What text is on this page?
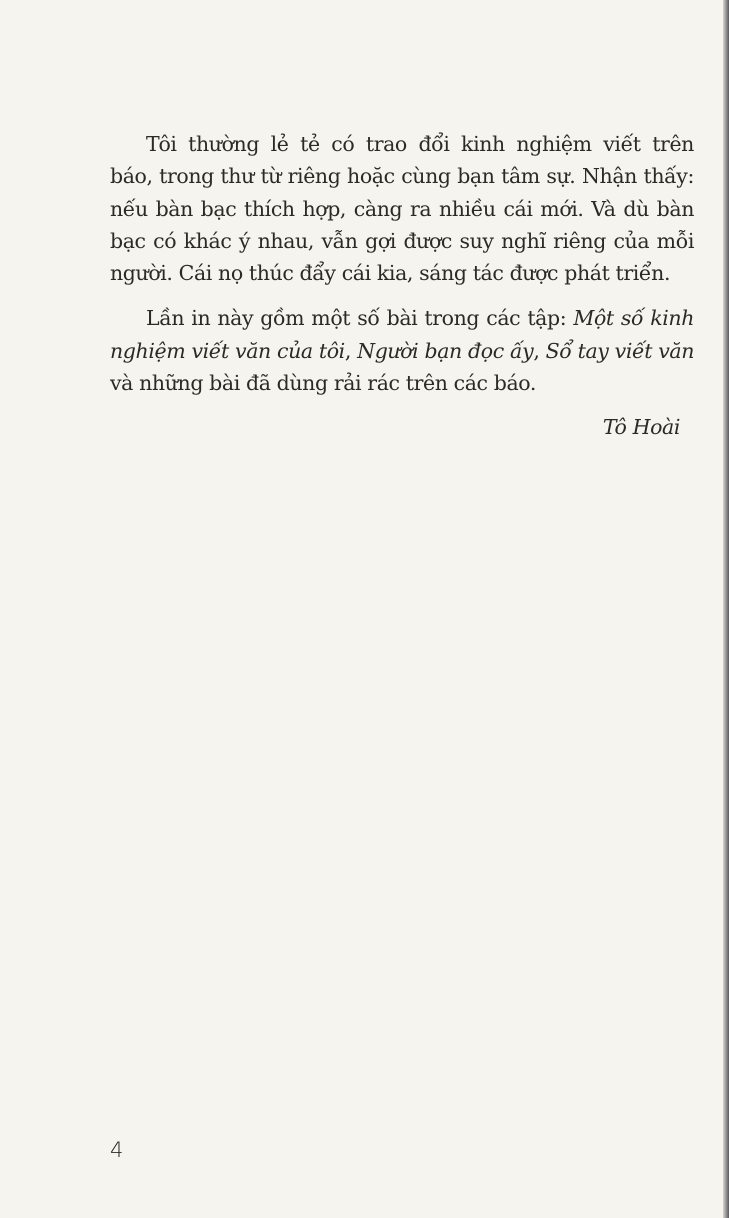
Tôi thường lẻ tẻ có trao đổi kinh nghiệm viết trên
báo, trong thư từ riêng hoặc cùng bạn tâm sự. Nhận thấy:
nếu bàn bạc thích hợp, càng ra nhiều cái mới. Và dù bàn
bạc có khác ý nhau, vẫn gợi được suy nghĩ riêng của mỗi
người. Cái nọ thúc đẩy cái kia, sáng tác được phát triển.
Lần in này gồm một số bài trong các tập: Một số kinh
nghiệm viết văn của tôi, Người bạn đọc ấy, Sổ tay viết văn
và những bài đã dùng rải rác trên các báo.
Tô Hoài
4
